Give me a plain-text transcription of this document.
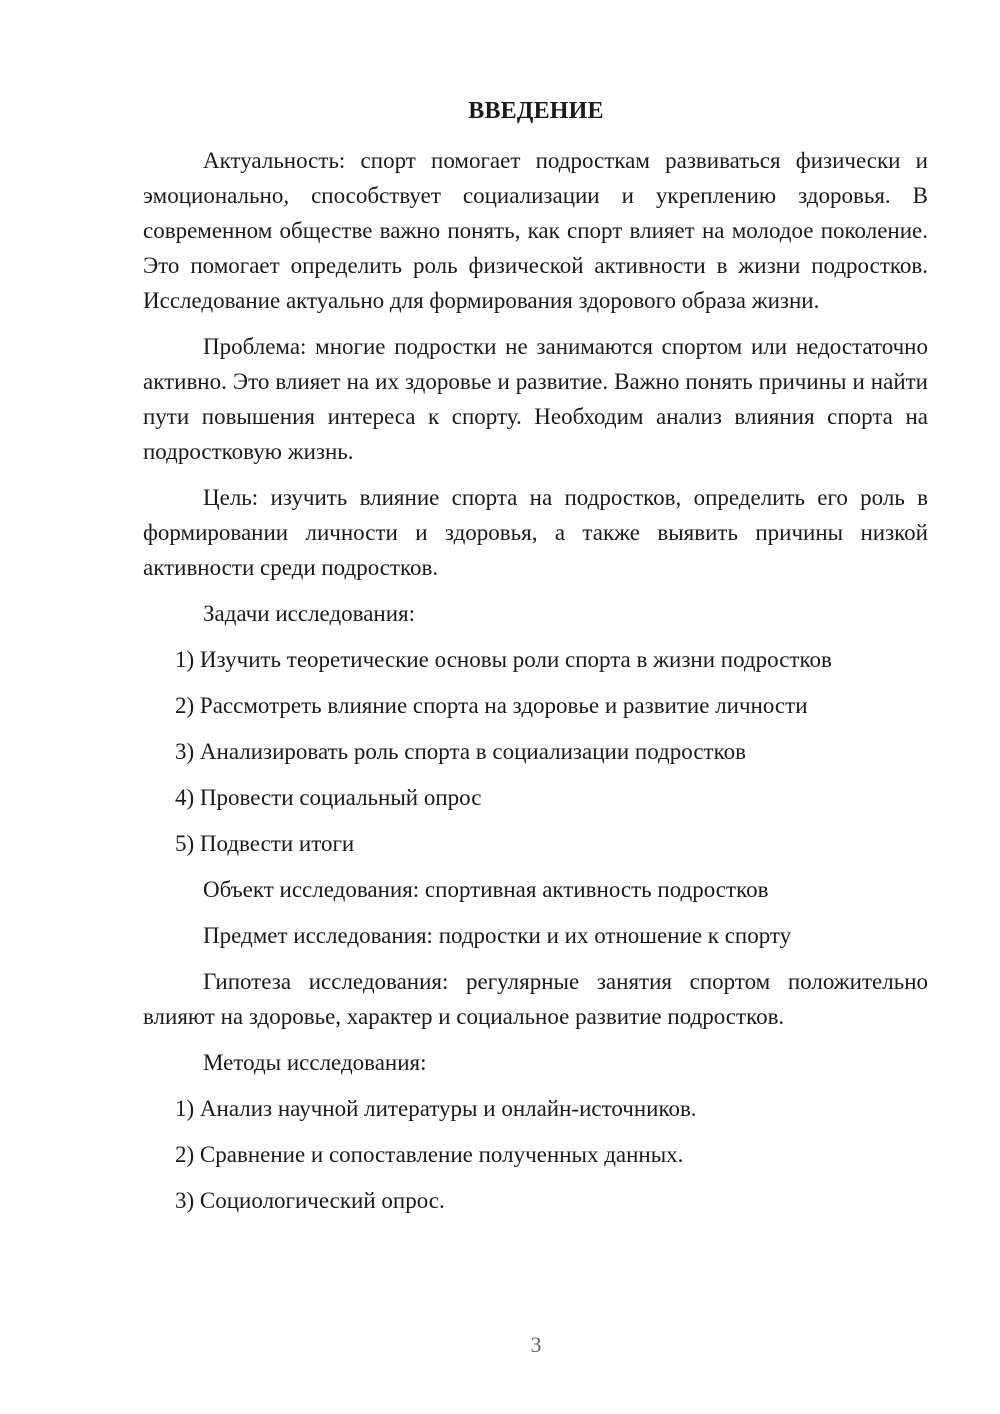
ВВЕДЕНИЕ

Актуальность: спорт помогает подросткам развиваться физически и эмоционально, способствует социализации и укреплению здоровья. В современном обществе важно понять, как спорт влияет на молодое поколение. Это помогает определить роль физической активности в жизни подростков. Исследование актуально для формирования здорового образа жизни.

Проблема: многие подростки не занимаются спортом или недостаточно активно. Это влияет на их здоровье и развитие. Важно понять причины и найти пути повышения интереса к спорту. Необходим анализ влияния спорта на подростковую жизнь.

Цель: изучить влияние спорта на подростков, определить его роль в формировании личности и здоровья, а также выявить причины низкой активности среди подростков.

Задачи исследования:
1) Изучить теоретические основы роли спорта в жизни подростков
2) Рассмотреть влияние спорта на здоровье и развитие личности
3) Анализировать роль спорта в социализации подростков
4) Провести социальный опрос
5) Подвести итоги
Объект исследования: спортивная активность подростков
Предмет исследования: подростки и их отношение к спорту

Гипотеза исследования: регулярные занятия спортом положительно влияют на здоровье, характер и социальное развитие подростков.

Методы исследования:
1) Анализ научной литературы и онлайн-источников.
2) Сравнение и сопоставление полученных данных.
3) Социологический опрос.
3
